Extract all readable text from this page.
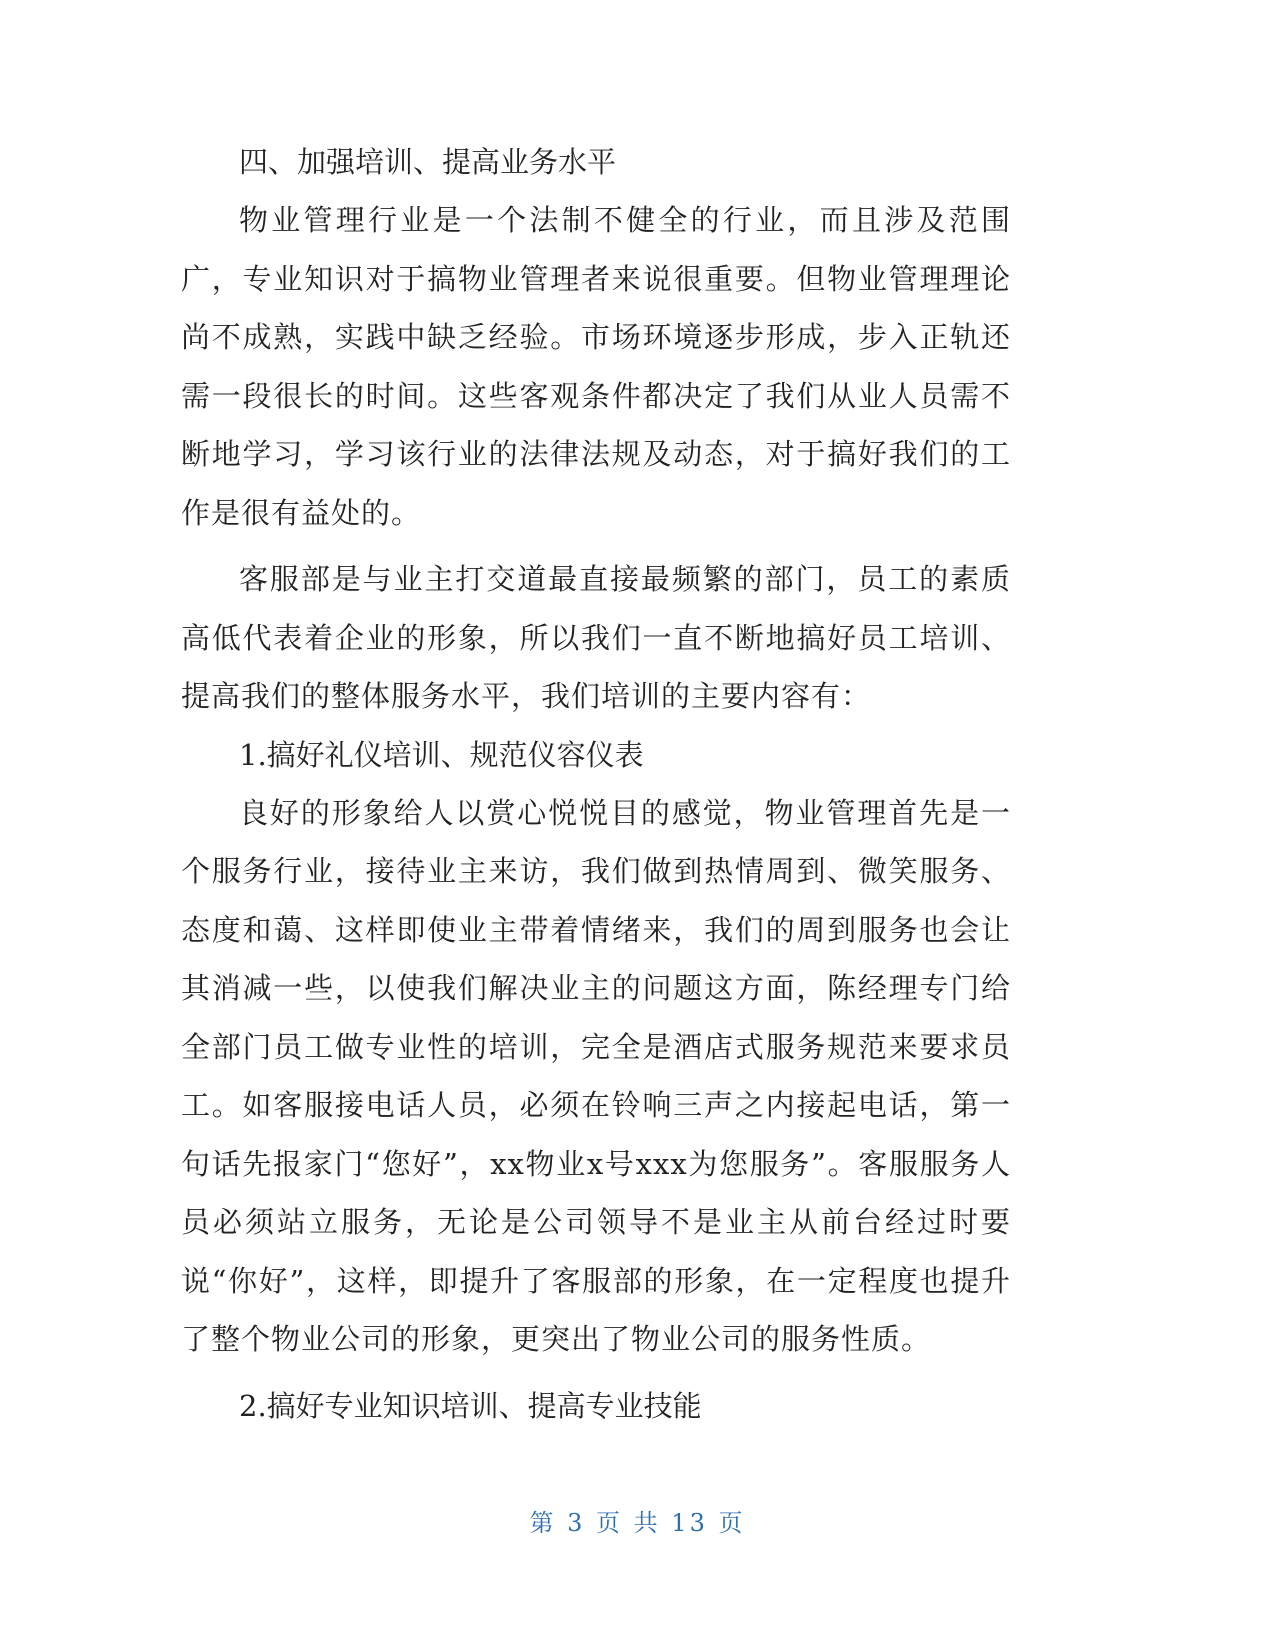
四、加强培训、提高业务水平

物业管理行业是一个法制不健全的行业，而且涉及范围广，专业知识对于搞物业管理者来说很重要。但物业管理理论尚不成熟，实践中缺乏经验。市场环境逐步形成，步入正轨还需一段很长的时间。这些客观条件都决定了我们从业人员需不断地学习，学习该行业的法律法规及动态，对于搞好我们的工作是很有益处的。

客服部是与业主打交道最直接最频繁的部门，员工的素质高低代表着企业的形象，所以我们一直不断地搞好员工培训、提高我们的整体服务水平，我们培训的主要内容有：

1.搞好礼仪培训、规范仪容仪表

良好的形象给人以赏心悦悦目的感觉，物业管理首先是一个服务行业，接待业主来访，我们做到热情周到、微笑服务、态度和蔼、这样即使业主带着情绪来，我们的周到服务也会让其消减一些，以使我们解决业主的问题这方面，陈经理专门给全部门员工做专业性的培训，完全是酒店式服务规范来要求员工。如客服接电话人员，必须在铃响三声之内接起电话，第一句话先报家门“您好”，xx物业x号xxx为您服务”。客服服务人员必须站立服务，无论是公司领导不是业主从前台经过时要说“你好”，这样，即提升了客服部的形象，在一定程度也提升了整个物业公司的形象，更突出了物业公司的服务性质。

2.搞好专业知识培训、提高专业技能

第 3 页 共 13 页
